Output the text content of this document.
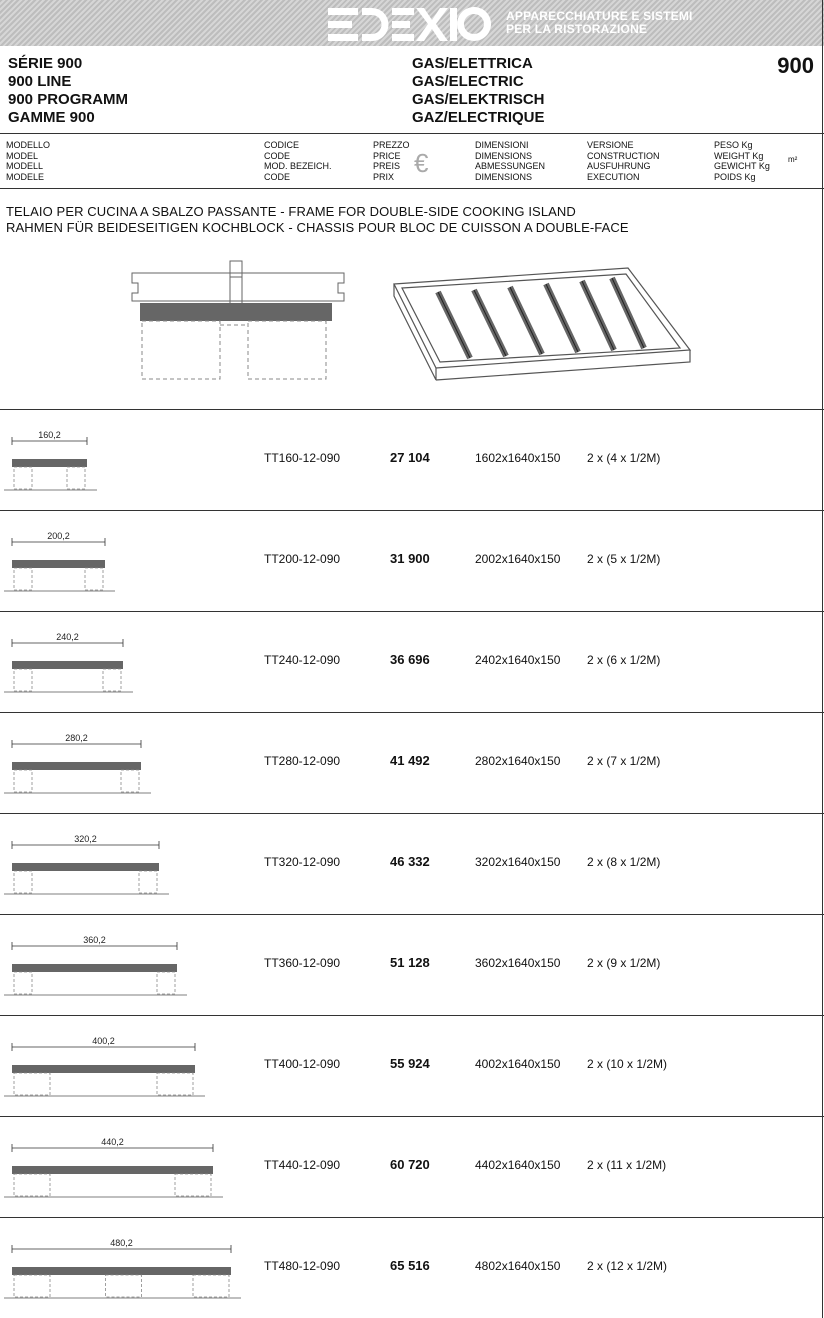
APPARECCHIATURE E SISTEMI
PER LA RISTORAZIONE
SÉRIE 900
900 LINE
900 PROGRAMM
GAMME 900
GAS/ELETTRICA
GAS/ELECTRIC
GAS/ELEKTRISCH
GAZ/ELECTRIQUE
900
MODELLO
MODEL
MODELL
MODELE
CODICE
CODE
MOD. BEZEICH.
CODE
PREZZO
PRICE
PREIS
PRIX €
DIMENSIONI
DIMENSIONS
ABMESSUNGEN
DIMENSIONS
VERSIONE
CONSTRUCTION
AUSFUHRUNG
EXECUTION
PESO Kg
WEIGHT Kg
GEWICHT Kg
POIDS Kg
m²
TELAIO PER CUCINA A SBALZO PASSANTE - FRAME FOR DOUBLE-SIDE COOKING ISLAND
RAHMEN FÜR BEIDESEITIGEN KOCHBLOCK - CHASSIS POUR BLOC DE CUISSON A DOUBLE-FACE
160,2
TT160-12-090	27 104	1602x1640x150 2 x (4 x 1/2M)
200,2
TT200-12-090	31 900	2002x1640x150 2 x (5 x 1/2M)
240,2
TT240-12-090	36 696	2402x1640x150 2 x (6 x 1/2M)
280,2
TT280-12-090	41 492	2802x1640x150 2 x (7 x 1/2M)
320,2
TT320-12-090	46 332	3202x1640x150 2 x (8 x 1/2M)
360,2
TT360-12-090	51 128	3602x1640x150 2 x (9 x 1/2M)
400,2
TT400-12-090	55 924	4002x1640x150 2 x (10 x 1/2M)
440,2
TT440-12-090	60 720	4402x1640x150 2 x (11 x 1/2M)
480,2
TT480-12-090	65 516	4802x1640x150 2 x (12 x 1/2M)
